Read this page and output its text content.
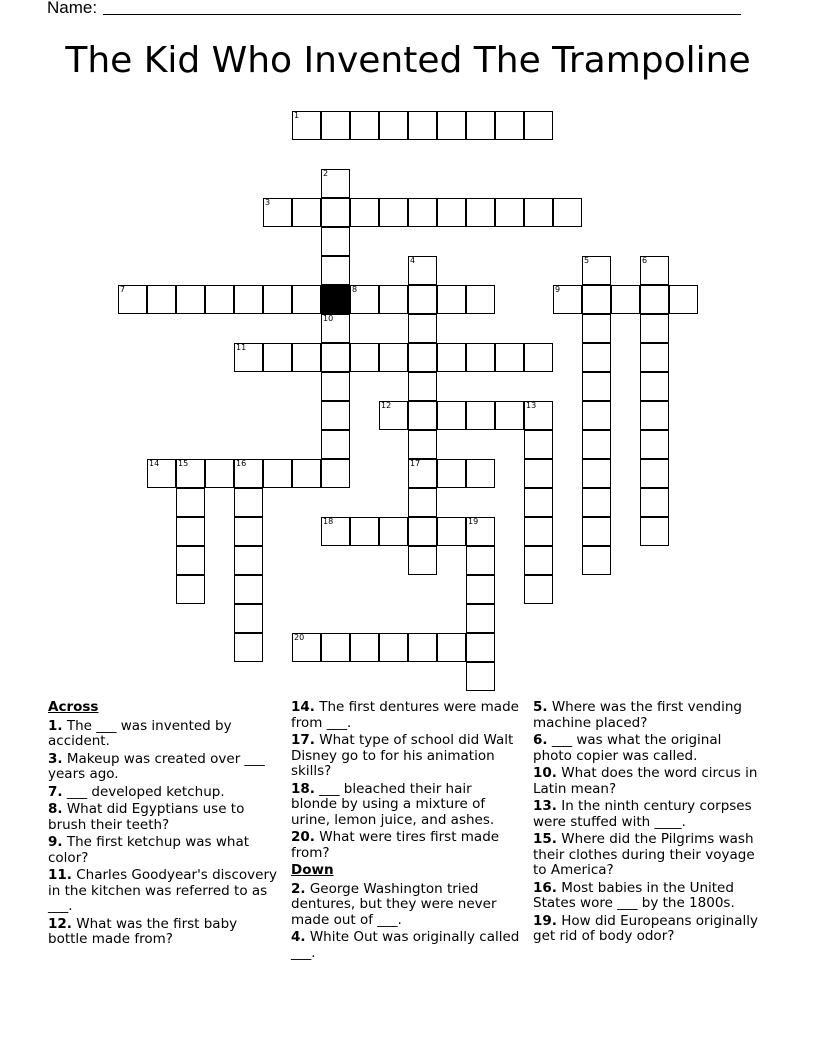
Name:
The Kid Who Invented The Trampoline
1
2
10
3
4
17
5	6
7	8	9
11
12	13
14 15	16
18	19
20
Across
1. The ___ was invented by accident.
3. Makeup was created over ___ years ago.
7. ___ developed ketchup.
8. What did Egyptians use to brush their teeth?
9. The first ketchup was what color?
11. Charles Goodyear's discovery in the kitchen was referred to as ___.
12. What was the first baby bottle made from?
14. The first dentures were made from ___.
17. What type of school did Walt Disney go to for his animation skills?
18. ___ bleached their hair blonde by using a mixture of urine, lemon juice, and ashes.
20. What were tires first made from?
Down
2. George Washington tried dentures, but they were never made out of ___.
4. White Out was originally called ___.
5. Where was the first vending machine placed?
6. ___ was what the original photo copier was called.
10. What does the word circus in Latin mean?
13. In the ninth century corpses were stuffed with ____.
15. Where did the Pilgrims wash their clothes during their voyage to America?
16. Most babies in the United States wore ___ by the 1800s.
19. How did Europeans originally get rid of body odor?
